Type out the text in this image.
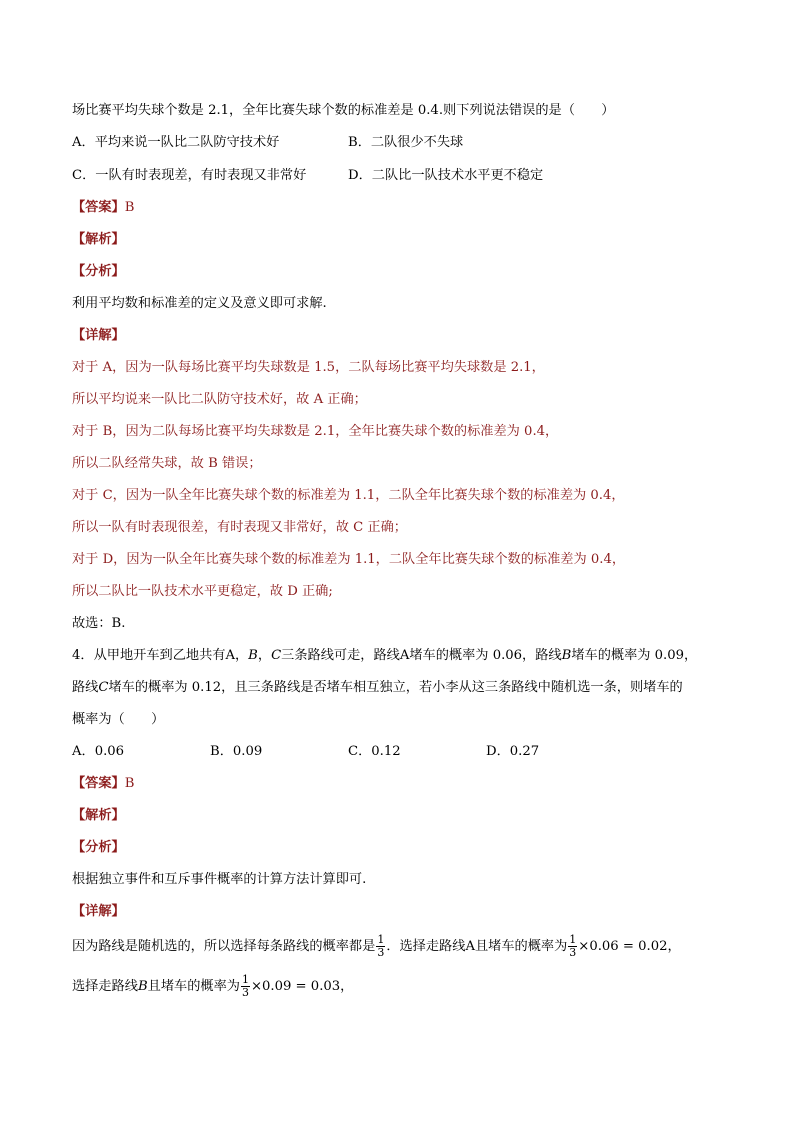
场比赛平均失球个数是 2.1，全年比赛失球个数的标准差是 0.4.则下列说法错误的是（　　）
A．平均来说一队比二队防守技术好	B．二队很少不失球
C．一队有时表现差，有时表现又非常好	D．二队比一队技术水平更不稳定
【答案】B
【解析】
【分析】
利用平均数和标准差的定义及意义即可求解.
【详解】
对于 A，因为一队每场比赛平均失球数是 1.5，二队每场比赛平均失球数是 2.1，
所以平均说来一队比二队防守技术好，故 A 正确；
对于 B，因为二队每场比赛平均失球数是 2.1，全年比赛失球个数的标准差为 0.4，
所以二队经常失球，故 B 错误；
对于 C，因为一队全年比赛失球个数的标准差为 1.1，二队全年比赛失球个数的标准差为 0.4，
所以一队有时表现很差，有时表现又非常好，故 C 正确；
对于 D，因为一队全年比赛失球个数的标准差为 1.1，二队全年比赛失球个数的标准差为 0.4，
所以二队比一队技术水平更稳定，故 D 正确;
故选：B.
4．从甲地开车到乙地共有A，B，C三条路线可走，路线A堵车的概率为 0.06，路线B堵车的概率为 0.09，
路线C堵车的概率为 0.12，且三条路线是否堵车相互独立，若小李从这三条路线中随机选一条，则堵车的
概率为（　　）
A．0.06	B．0.09	C．0.12	D．0.27
【答案】B
【解析】
【分析】
根据独立事件和互斥事件概率的计算方法计算即可.
【详解】
因为路线是随机选的，所以选择每条路线的概率都是 $\frac{1}{3}$ ．选择走路线A且堵车的概率为 $\frac{1}{3} \times 0.06 = 0.02$，
选择走路线B且堵车的概率为 $\frac{1}{3} \times 0.09 = 0.03$，
